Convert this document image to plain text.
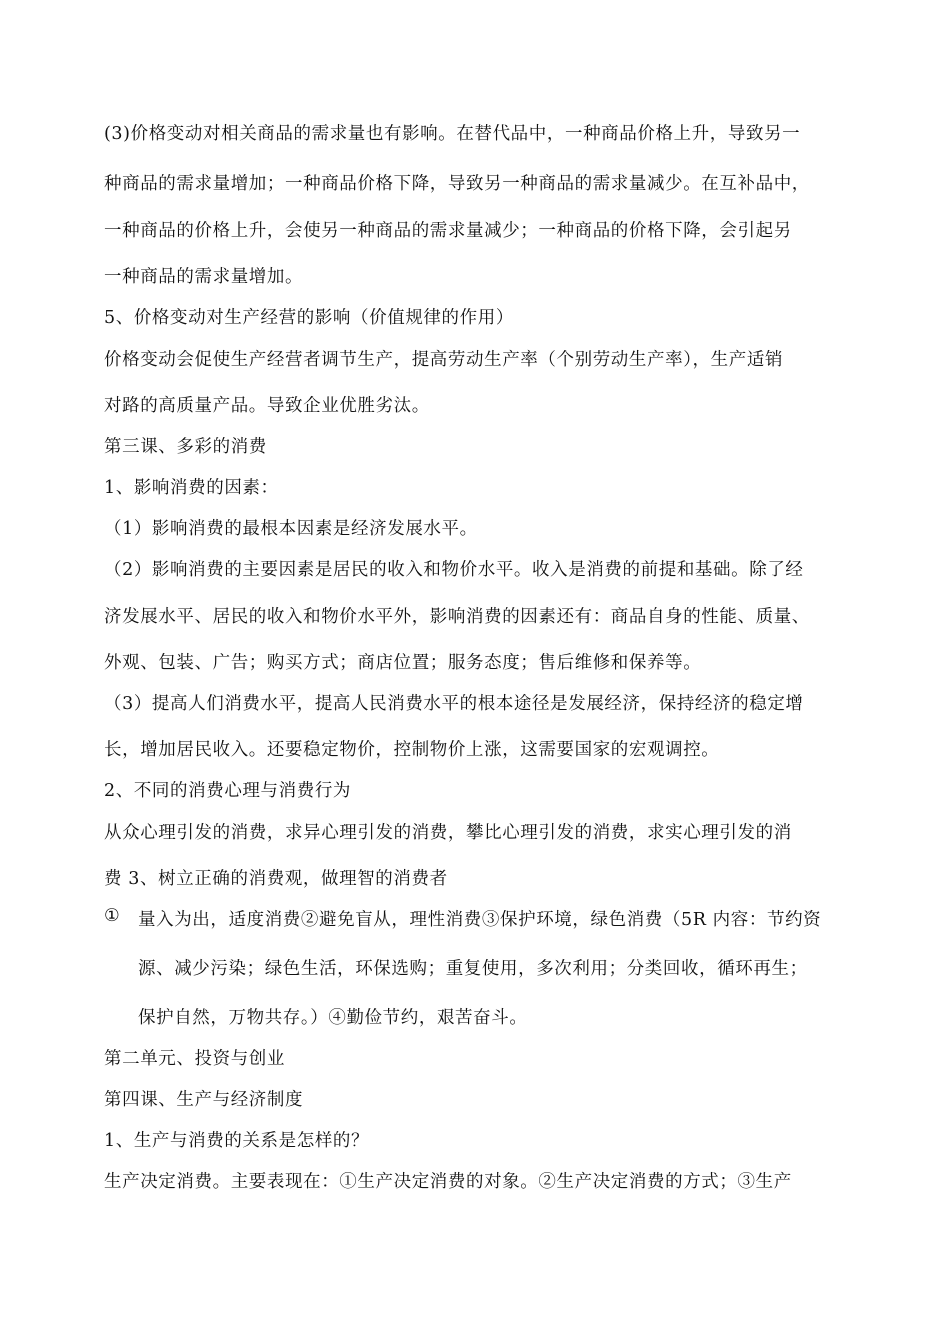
(3)价格变动对相关商品的需求量也有影响。在替代品中，一种商品价格上升，导致另一
种商品的需求量增加；一种商品价格下降，导致另一种商品的需求量减少。在互补品中，
一种商品的价格上升，会使另一种商品的需求量减少；一种商品的价格下降，会引起另
一种商品的需求量增加。
5、价格变动对生产经营的影响（价值规律的作用）
价格变动会促使生产经营者调节生产，提高劳动生产率（个别劳动生产率），生产适销
对路的高质量产品。导致企业优胜劣汰。
第三课、多彩的消费
1、影响消费的因素：
（1）影响消费的最根本因素是经济发展水平。
（2）影响消费的主要因素是居民的收入和物价水平。收入是消费的前提和基础。除了经
济发展水平、居民的收入和物价水平外，影响消费的因素还有：商品自身的性能、质量、
外观、包装、广告；购买方式；商店位置；服务态度；售后维修和保养等。
（3）提高人们消费水平，提高人民消费水平的根本途径是发展经济，保持经济的稳定增
长，增加居民收入。还要稳定物价，控制物价上涨，这需要国家的宏观调控。
2、不同的消费心理与消费行为
从众心理引发的消费，求异心理引发的消费，攀比心理引发的消费，求实心理引发的消
费 3、树立正确的消费观，做理智的消费者
① 量入为出，适度消费②避免盲从，理性消费③保护环境，绿色消费（5R 内容：节约资
源、减少污染；绿色生活，环保选购；重复使用，多次利用；分类回收，循环再生；
保护自然，万物共存。）④勤俭节约，艰苦奋斗。
第二单元、投资与创业
第四课、生产与经济制度
1、生产与消费的关系是怎样的？
生产决定消费。主要表现在：①生产决定消费的对象。②生产决定消费的方式；③生产
